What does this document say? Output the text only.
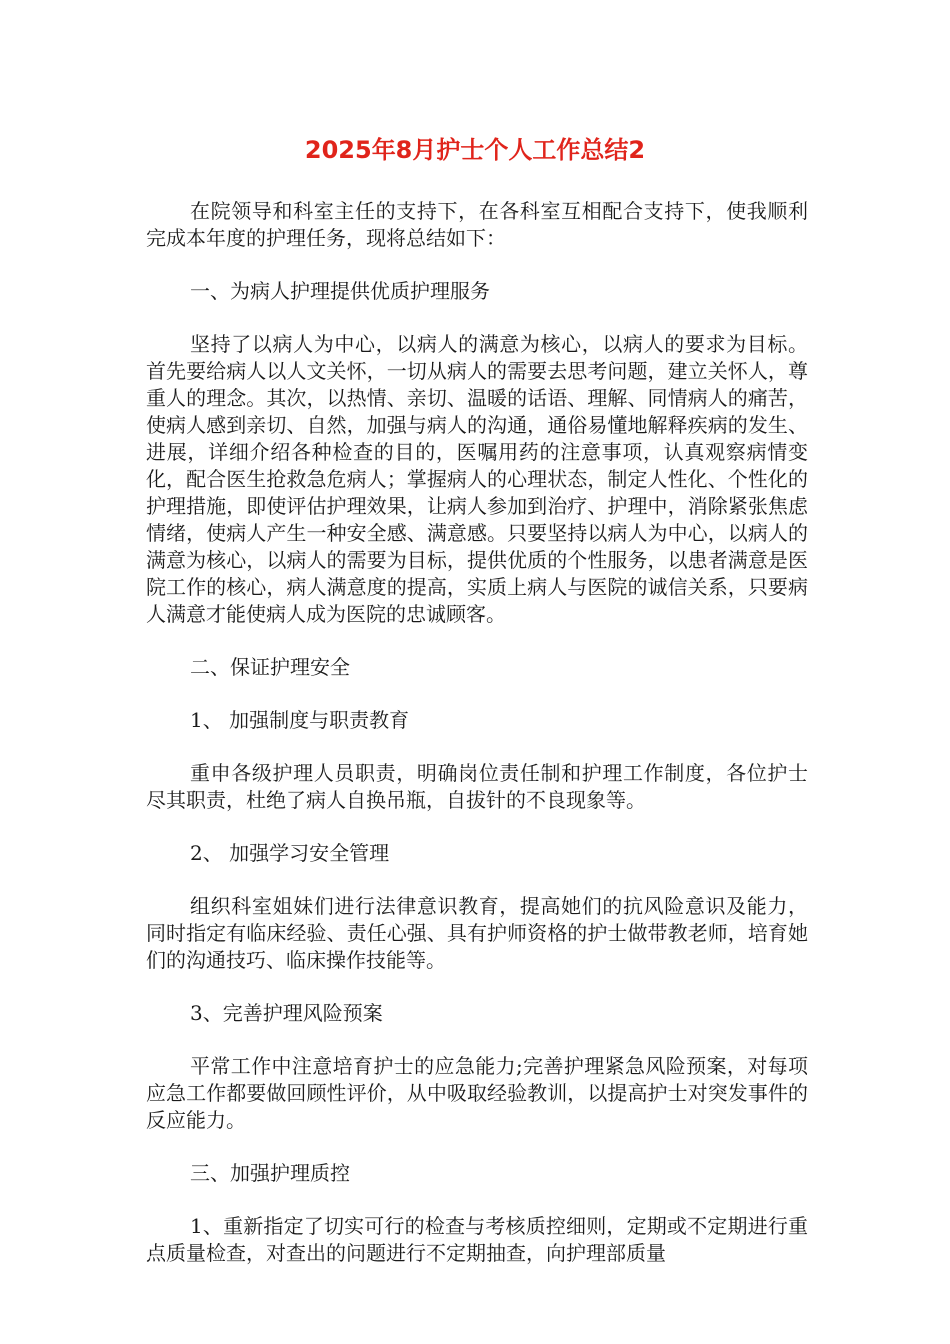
2025年8月护士个人工作总结2

在院领导和科室主任的支持下，在各科室互相配合支持下，使我顺利完成本年度的护理任务，现将总结如下：

一、为病人护理提供优质护理服务

坚持了以病人为中心，以病人的满意为核心，以病人的要求为目标。首先要给病人以人文关怀，一切从病人的需要去思考问题，建立关怀人，尊重人的理念。其次，以热情、亲切、温暖的话语、理解、同情病人的痛苦，使病人感到亲切、自然，加强与病人的沟通，通俗易懂地解释疾病的发生、进展，详细介绍各种检查的目的，医嘱用药的注意事项，认真观察病情变化，配合医生抢救急危病人；掌握病人的心理状态，制定人性化、个性化的护理措施，即使评估护理效果，让病人参加到治疗、护理中，消除紧张焦虑情绪，使病人产生一种安全感、满意感。只要坚持以病人为中心，以病人的满意为核心，以病人的需要为目标，提供优质的个性服务，以患者满意是医院工作的核心，病人满意度的提高，实质上病人与医院的诚信关系，只要病人满意才能使病人成为医院的忠诚顾客。

二、保证护理安全

1、 加强制度与职责教育

重申各级护理人员职责，明确岗位责任制和护理工作制度，各位护士尽其职责，杜绝了病人自换吊瓶，自拔针的不良现象等。

2、 加强学习安全管理

组织科室姐妹们进行法律意识教育，提高她们的抗风险意识及能力，同时指定有临床经验、责任心强、具有护师资格的护士做带教老师，培育她们的沟通技巧、临床操作技能等。

3、完善护理风险预案

平常工作中注意培育护士的应急能力;完善护理紧急风险预案，对每项应急工作都要做回顾性评价，从中吸取经验教训，以提高护士对突发事件的反应能力。

三、加强护理质控

1、重新指定了切实可行的检查与考核质控细则，定期或不定期进行重点质量检查，对查出的问题进行不定期抽查，向护理部质量
